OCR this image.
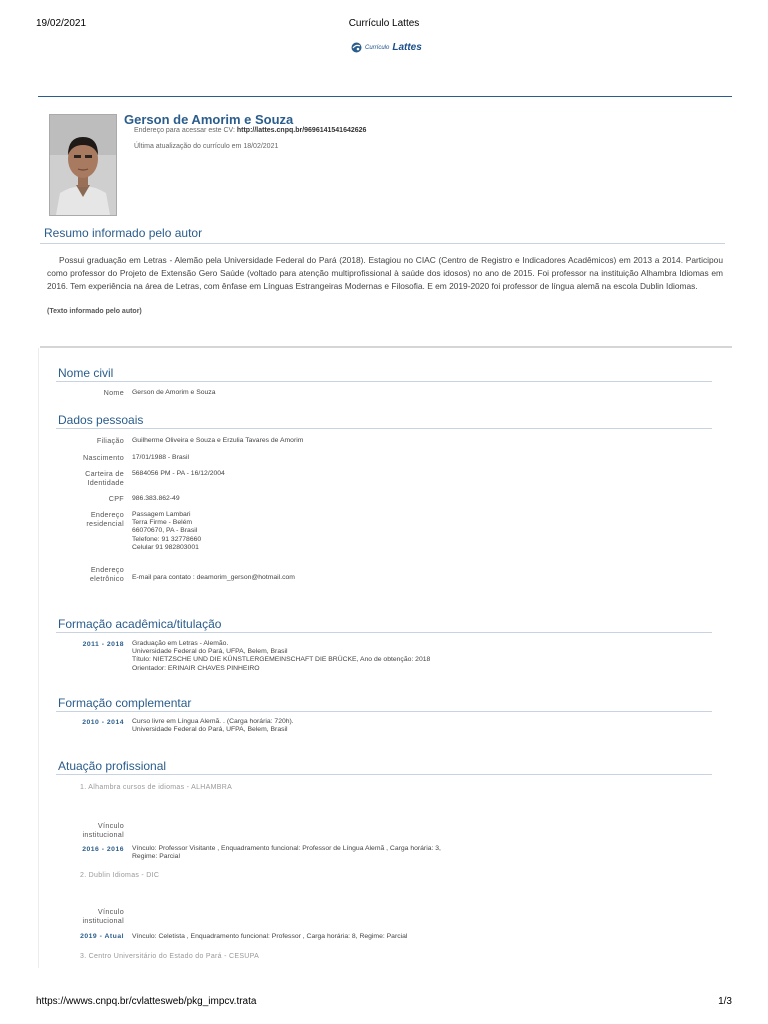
19/02/2021	Currículo Lattes
Currículo Lattes
Gerson de Amorim e Souza
Endereço para acessar este CV: http://lattes.cnpq.br/9696141541642626
Última atualização do currículo em 18/02/2021
Resumo informado pelo autor
Possui graduação em Letras - Alemão pela Universidade Federal do Pará (2018). Estagiou no CIAC (Centro de Registro e Indicadores Acadêmicos) em 2013 a 2014. Participou como professor do Projeto de Extensão Gero Saúde (voltado para atenção multiprofissional à saúde dos idosos) no ano de 2015. Foi professor na instituição Alhambra Idiomas em 2016. Tem experiência na área de Letras, com ênfase em Línguas Estrangeiras Modernas e Filosofia. E em 2019-2020 foi professor de língua alemã na escola Dublin Idiomas.
(Texto informado pelo autor)
Nome civil
Nome Gerson de Amorim e Souza
Dados pessoais
Filiação Guilherme Oliveira e Souza e Erzulia Tavares de Amorim
Nascimento 17/01/1988 - Brasil
Carteira de
Identidade
5684056 PM - PA - 16/12/2004
CPF 986.383.862-49
Endereço
residencial
Passagem Lambari
Terra Firme - Belém
66070670, PA - Brasil
Telefone: 91 32778660
Celular 91 982803001
Endereço
eletrônico E-mail para contato : deamorim_gerson@hotmail.com
Formação acadêmica/titulação
2011 - 2018 Graduação em Letras - Alemão.
Universidade Federal do Pará, UFPA, Belem, Brasil
Título: NIETZSCHE UND DIE KÜNSTLERGEMEINSCHAFT DIE BRÜCKE, Ano de obtenção: 2018
Orientador: ERINAIR CHAVES PINHEIRO
Formação complementar
2010 - 2014 Curso livre em Língua Alemã. . (Carga horária: 720h).
Universidade Federal do Pará, UFPA, Belem, Brasil
Atuação profissional
1. Alhambra cursos de idiomas - ALHAMBRA
Vínculo
institucional
2016 - 2016 Vínculo: Professor Visitante , Enquadramento funcional: Professor de Língua Alemã , Carga horária: 3,
Regime: Parcial
2. Dublin Idiomas - DIC
Vínculo
institucional
2019 - Atual Vínculo: Celetista , Enquadramento funcional: Professor , Carga horária: 8, Regime: Parcial
3. Centro Universitário do Estado do Pará - CESUPA
https://wwws.cnpq.br/cvlattesweb/pkg_impcv.trata	1/3
